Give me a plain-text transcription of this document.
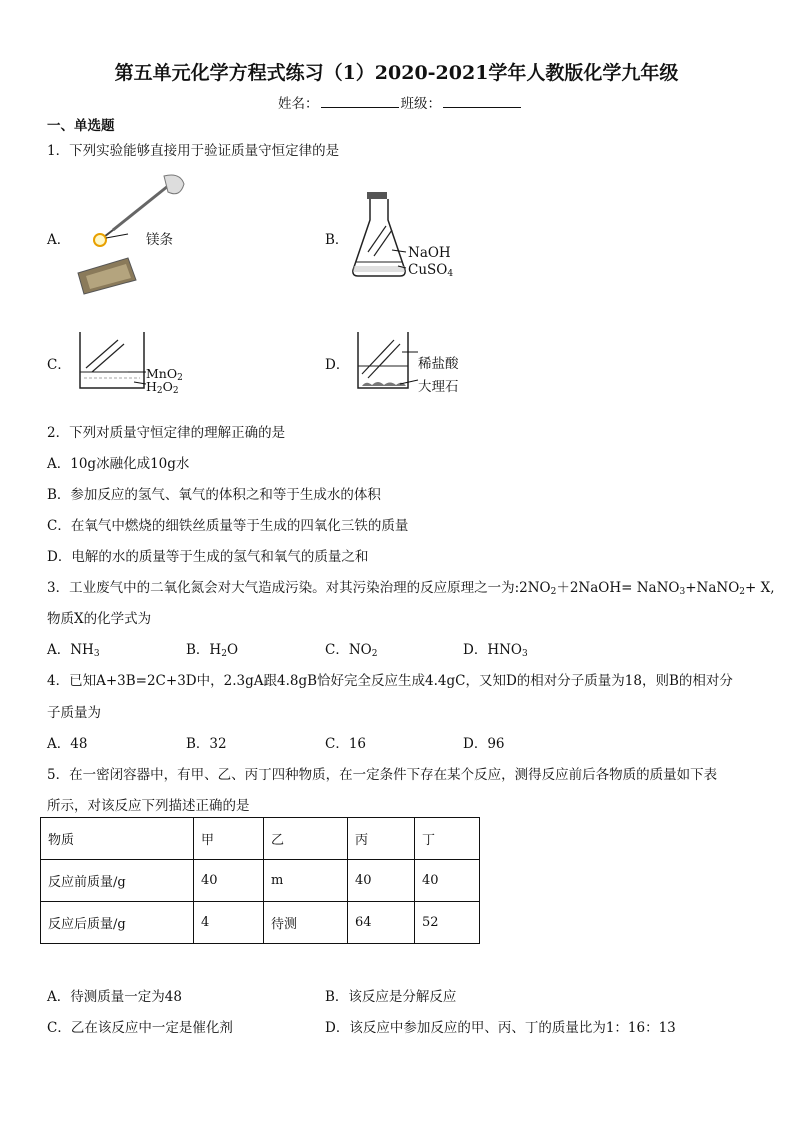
第五单元化学方程式练习（1）2020-2021学年人教版化学九年级
姓名：	班级：
一、单选题
1．下列实验能够直接用于验证质量守恒定律的是
A．	镁条	B．
NaOH
CuSO$_4$
C．
MnO$_2$
$H_2O_2$
D．	稀盐酸
大理石
2．下列对质量守恒定律的理解正确的是
A．10g冰融化成10g水
B．参加反应的氢气、氧气的体积之和等于生成水的体积
C．在氧气中燃烧的细铁丝质量等于生成的四氧化三铁的质量
D．电解的水的质量等于生成的氢气和氧气的质量之和
3．工业废气中的二氧化氮会对大气造成污染。对其污染治理的反应原理之一为$:2NO_2+2NaOH=$ NaNO$_3$+NaNO$_2$+ X,
物质X的化学式为
A．$NH_3$	B．$H_2O$	C．$NO_2$	D．$HNO_3$
4．已知A+3B=2C+3D中，2.3gA跟4.8gB恰好完全反应生成4.4gC，又知D的相对分子质量为18，则B的相对分
子质量为
A．48	B．32	C．16	D．96
5．在一密闭容器中，有甲、乙、丙丁四种物质，在一定条件下存在某个反应，测得反应前后各物质的质量如下表
所示，对该反应下列描述正确的是
物质	甲	乙	丙	丁
反应前质量/g	40	m	40	40
反应后质量/g	4	待测	64	52
A．待测质量一定为48	B．该反应是分解反应
C．乙在该反应中一定是催化剂	D．该反应中参加反应的甲、丙、丁的质量比为1：16：13
